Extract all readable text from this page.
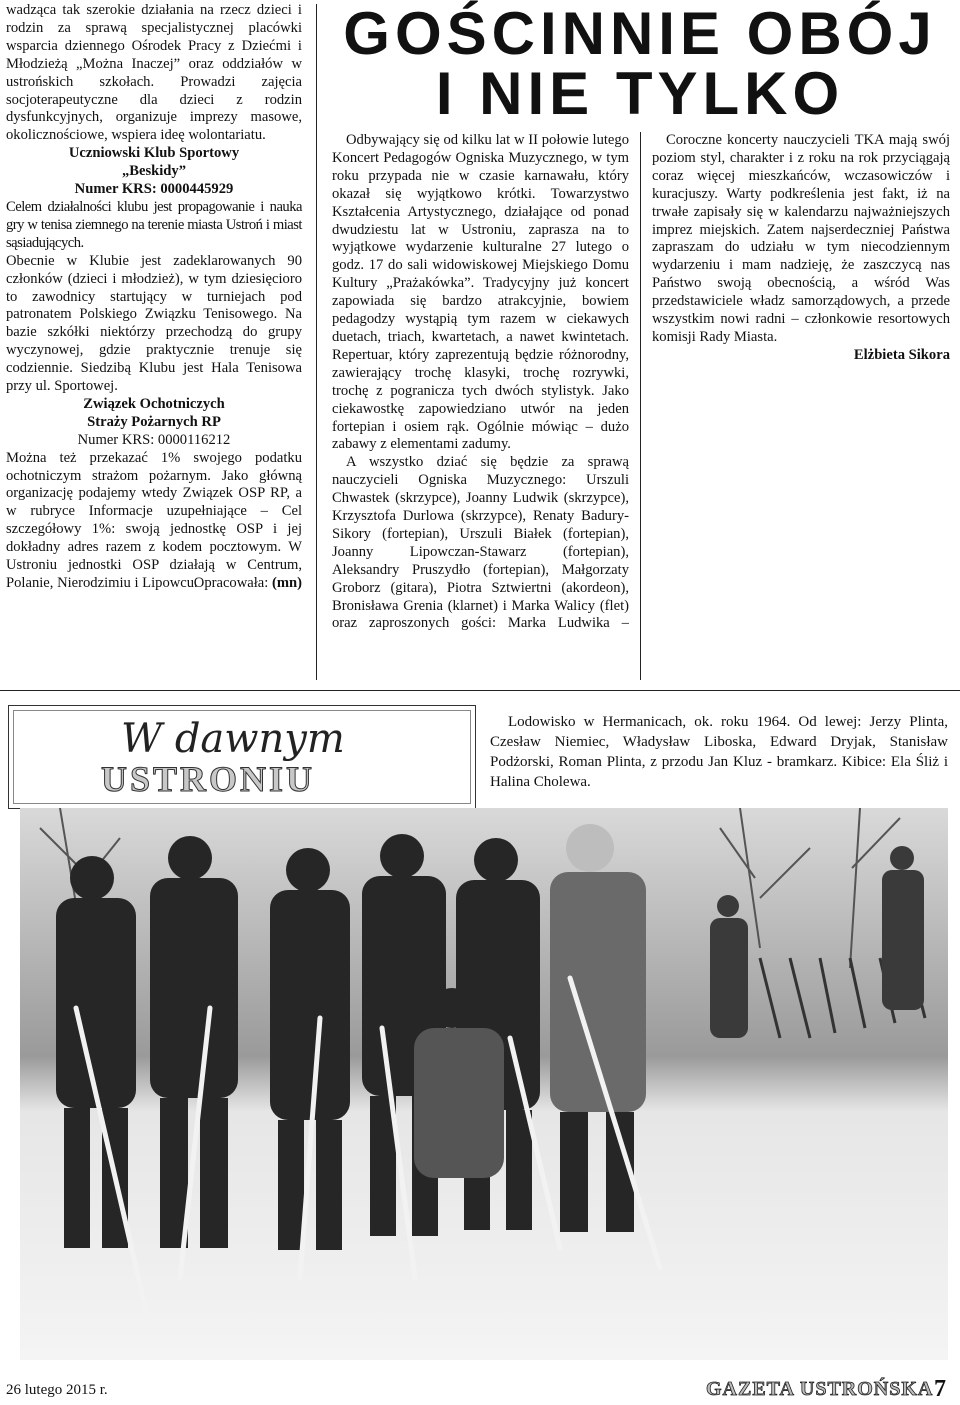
wadząca tak szerokie działania na rzecz dzieci i rodzin za sprawą specjalistycznej placówki wsparcia dziennego Ośrodek Pracy z Dziećmi i Młodzieżą „Można Inaczej” oraz oddziałów w ustrońskich szkołach. Prowadzi zajęcia socjoterapeutyczne dla dzieci z rodzin dysfunkcyjnych, organizuje imprezy masowe, okolicznościowe, wspiera ideę wolontariatu.

Uczniowski Klub Sportowy

„Beskidy”

Numer KRS: 0000445929

Celem działalności klubu jest propagowanie i nauka gry w tenisa ziemnego na terenie miasta Ustroń i miast sąsiadujących.

Obecnie w Klubie jest zadeklarowanych 90 członków (dzieci i młodzież), w tym dziesięcioro to zawodnicy startujący w turniejach pod patronatem Polskiego Związku Tenisowego. Na bazie szkółki niektórzy przechodzą do grupy wyczynowej, gdzie praktycznie trenuje się codziennie. Siedzibą Klubu jest Hala Tenisowa przy ul. Sportowej.

Związek Ochotniczych

Straży Pożarnych RP

Numer KRS: 0000116212

Można też przekazać 1% swojego podatku ochotniczym strażom pożarnym. Jako główną organizację podajemy wtedy Związek OSP RP, a w rubryce Informacje uzupełniające – Cel szczegółowy 1%: swoją jednostkę OSP i jej dokładny adres razem z kodem pocztowym. W Ustroniu jednostki OSP działają w Centrum, Polanie, Nierodzimiu i Lipowcu.

Opracowała: (mn)

GOŚCINNIE OBÓJ
I NIE TYLKO

Odbywający się od kilku lat w II połowie lutego Koncert Pedagogów Ogniska Muzycznego, w tym roku przypada nie w czasie karnawału, który okazał się wyjątkowo krótki. Towarzystwo Kształcenia Artystycznego, działające od ponad dwudziestu lat w Ustroniu, zaprasza na to wyjątkowe wydarzenie kulturalne 27 lutego o godz. 17 do sali widowiskowej Miejskiego Domu Kultury „Prażakówka”. Tradycyjny już koncert zapowiada się bardzo atrakcyjnie, bowiem pedagodzy wystąpią tym razem w ciekawych duetach, triach, kwartetach, a nawet kwintetach. Repertuar, który zaprezentują będzie różnorodny, zawierający trochę klasyki, trochę rozrywki, trochę z pogranicza tych dwóch stylistyk. Jako ciekawostkę zapowiedziano utwór na jeden fortepian i osiem rąk. Ogólnie mówiąc – dużo zabawy z elementami zadumy.

A wszystko dziać się będzie za sprawą nauczycieli Ogniska Muzycznego: Urszuli Chwastek (skrzypce), Joanny Ludwik (skrzypce), Krzysztofa Durlowa (skrzypce), Renaty Badury-Sikory (fortepian), Urszuli Białek (fortepian), Joanny Lipowczan-Stawarz (fortepian), Aleksandry Pruszydło (fortepian), Małgorzaty Groborz (gitara), Piotra Sztwiertni (akordeon), Bronisława Grenia (klarnet) i Marka Walicy (flet) oraz zaproszonych gości: Marka Ludwika –

Coroczne koncerty nauczycieli TKA mają swój poziom styl, charakter i z roku na rok przyciągają coraz więcej mieszkańców, wczasowiczów i kuracjuszy. Warty podkreślenia jest fakt, iż na trwałe zapisały się w kalendarzu najważniejszych imprez miejskich. Zatem najserdeczniej Państwa zapraszam do udziału w tym niecodziennym wydarzeniu i mam nadzieję, że zaszczycą nas Państwo swoją obecnością, a wśród Was przedstawiciele władz samorządowych, a przede wszystkim nowi radni – członkowie resortowych komisji Rady Miasta.

Elżbieta Sikora

W dawnym
USTRONIU

Lodowisko w Hermanicach, ok. roku 1964. Od lewej: Jerzy Plinta, Czesław Niemiec, Władysław Liboska, Edward Dryjak, Stanisław Podżorski, Roman Plinta, z przodu Jan Kluz - bramkarz. Kibice: Ela Śliż i Halina Cholewa.

26 lutego 2015 r.	GAZETA USTROŃSKA 7
